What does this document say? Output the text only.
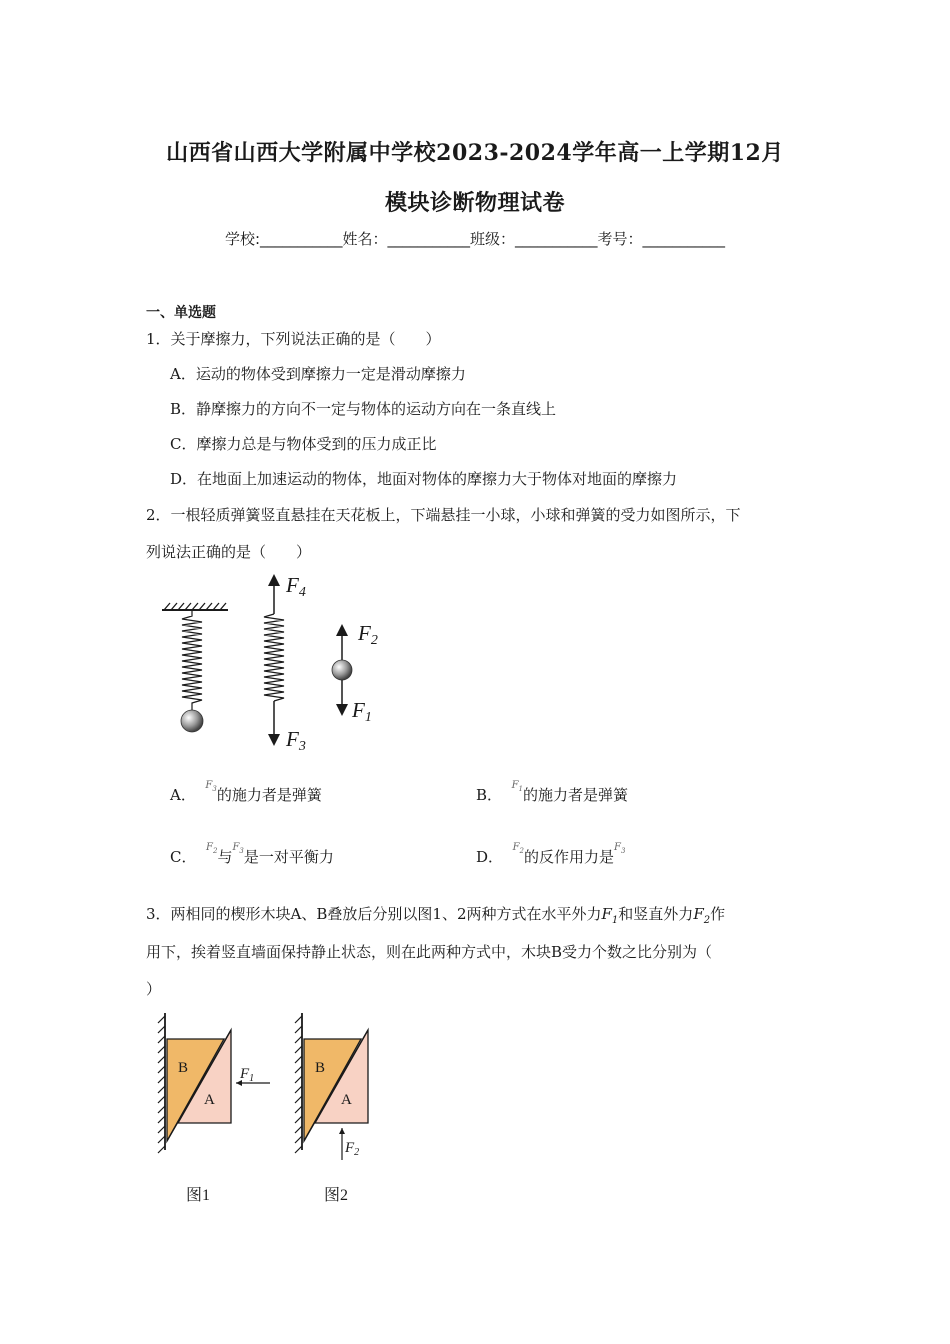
山西省山西大学附属中学校2023-2024学年高一上学期12月
模块诊断物理试卷
学校:___________姓名：___________班级：___________考号：___________
一、单选题
1．关于摩擦力，下列说法正确的是（　　）
A．运动的物体受到摩擦力一定是滑动摩擦力
B．静摩擦力的方向不一定与物体的运动方向在一条直线上
C．摩擦力总是与物体受到的压力成正比
D．在地面上加速运动的物体，地面对物体的摩擦力大于物体对地面的摩擦力
2．一根轻质弹簧竖直悬挂在天花板上，下端悬挂一小球，小球和弹簧的受力如图所示，下
列说法正确的是（　　）
F4
F3
F2
F1
A．  $^{F_3}$的施力者是弹簧	B．  $^{F_1}$的施力者是弹簧
C．  $^{F_2}$与$^{F_3}$是一对平衡力	D．  $^{F_2}$的反作用力是$^{F_3}$
3．两相同的楔形木块A、B叠放后分别以图1、2两种方式在水平外力$F_1$和竖直外力$F_2$作
用下，挨着竖直墙面保持静止状态，则在此两种方式中，木块B受力个数之比分别为（
）
B
A
$F_1$
图1
B
A
$F_2$
图2
